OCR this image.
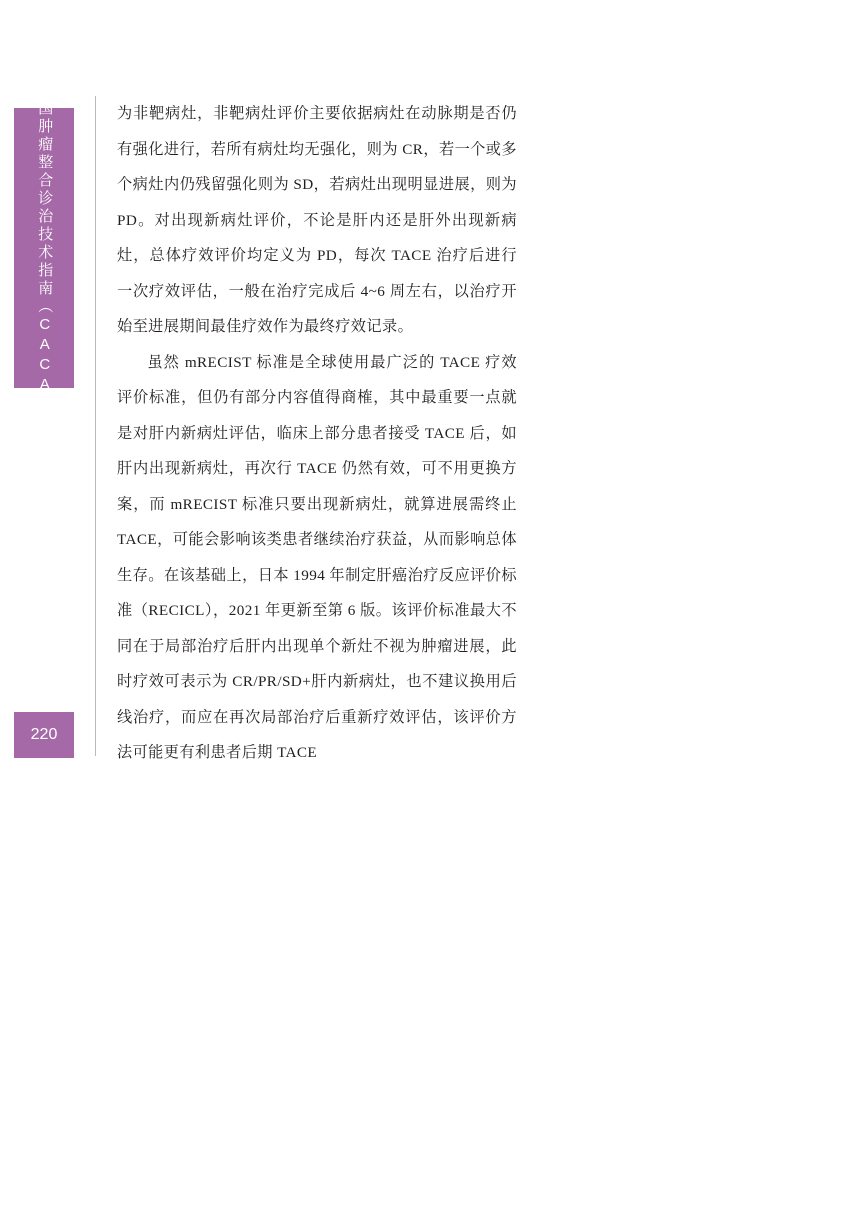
中国肿瘤整合诊治技术指南（CACA）
220

为非靶病灶，非靶病灶评价主要依据病灶在动脉期是否仍有强化进行，若所有病灶均无强化，则为 CR，若一个或多个病灶内仍残留强化则为 SD，若病灶出现明显进展，则为 PD。对出现新病灶评价，不论是肝内还是肝外出现新病灶，总体疗效评价均定义为 PD，每次 TACE 治疗后进行一次疗效评估，一般在治疗完成后 4~6 周左右，以治疗开始至进展期间最佳疗效作为最终疗效记录。

虽然 mRECIST 标准是全球使用最广泛的 TACE 疗效评价标准，但仍有部分内容值得商榷，其中最重要一点就是对肝内新病灶评估，临床上部分患者接受 TACE 后，如肝内出现新病灶，再次行 TACE 仍然有效，可不用更换方案，而 mRECIST 标准只要出现新病灶，就算进展需终止 TACE，可能会影响该类患者继续治疗获益，从而影响总体生存。在该基础上，日本 1994 年制定肝癌治疗反应评价标准（RECICL），2021 年更新至第 6 版。该评价标准最大不同在于局部治疗后肝内出现单个新灶不视为肿瘤进展，此时疗效可表示为 CR/PR/SD+肝内新病灶，也不建议换用后线治疗，而应在再次局部治疗后重新疗效评估，该评价方法可能更有利患者后期 TACE
